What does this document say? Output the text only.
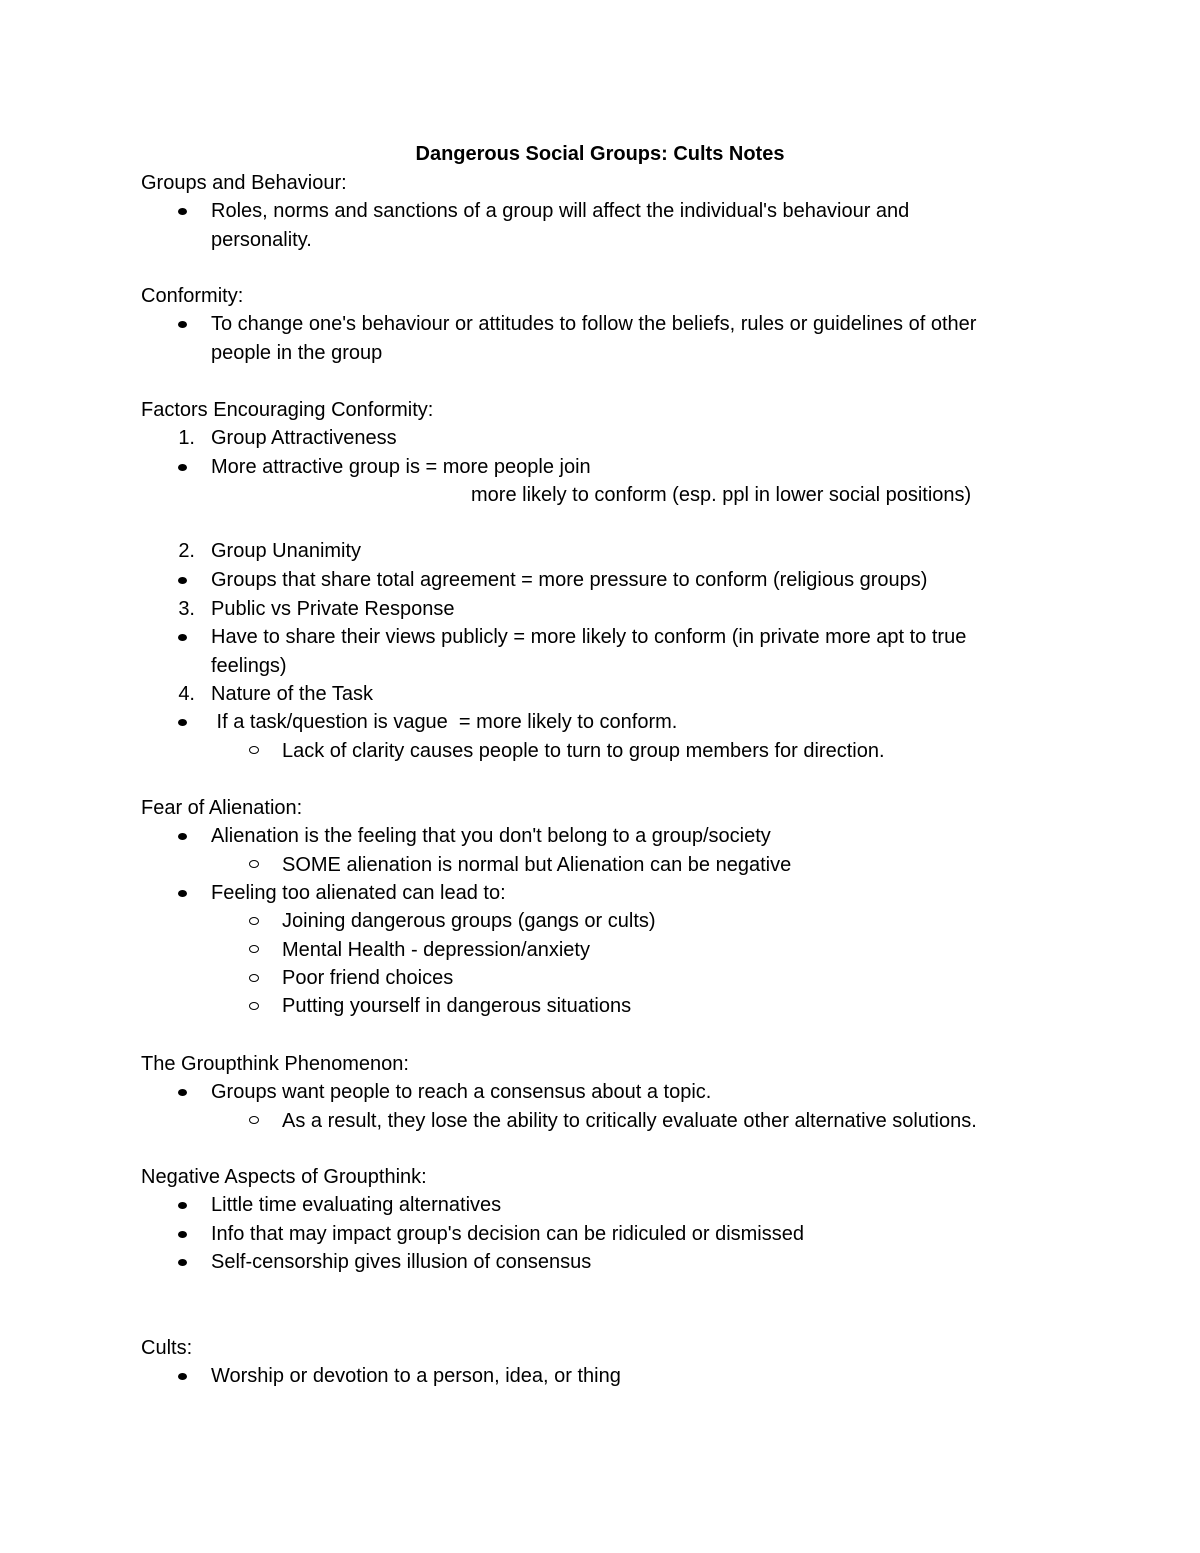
Dangerous Social Groups: Cults Notes
Groups and Behaviour:
Roles, norms and sanctions of a group will affect the individual's behaviour and
personality.
Conformity:
To change one's behaviour or attitudes to follow the beliefs, rules or guidelines of other
people in the group
Factors Encouraging Conformity:
1. Group Attractiveness
More attractive group is = more people join
more likely to conform (esp. ppl in lower social positions)
2. Group Unanimity
Groups that share total agreement = more pressure to conform (religious groups)
3. Public vs Private Response
Have to share their views publicly = more likely to conform (in private more apt to true
feelings)
4. Nature of the Task
If a task/question is vague  = more likely to conform.
Lack of clarity causes people to turn to group members for direction.
Fear of Alienation:
Alienation is the feeling that you don't belong to a group/society
SOME alienation is normal but Alienation can be negative
Feeling too alienated can lead to:
Joining dangerous groups (gangs or cults)
Mental Health - depression/anxiety
Poor friend choices
Putting yourself in dangerous situations
The Groupthink Phenomenon:
Groups want people to reach a consensus about a topic.
As a result, they lose the ability to critically evaluate other alternative solutions.
Negative Aspects of Groupthink:
Little time evaluating alternatives
Info that may impact group's decision can be ridiculed or dismissed
Self-censorship gives illusion of consensus
Cults:
Worship or devotion to a person, idea, or thing
